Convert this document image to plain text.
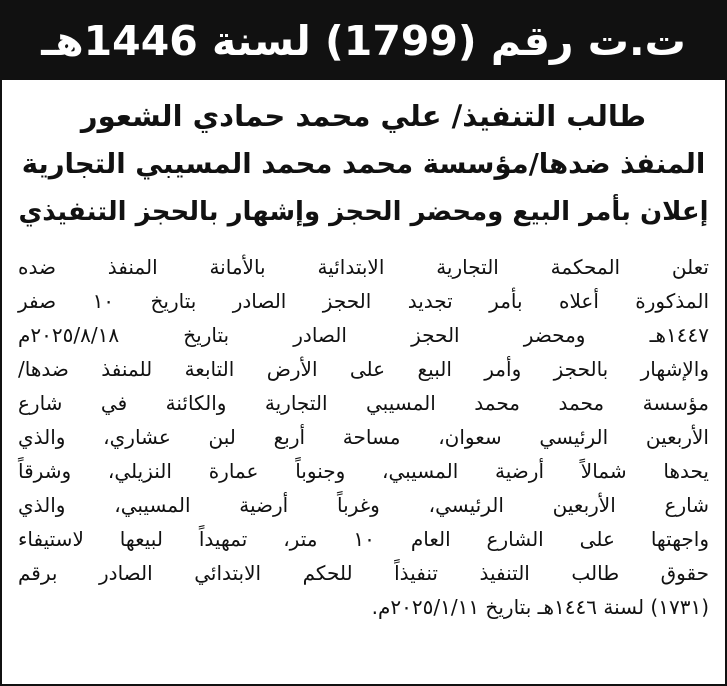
ت.ت رقم (1799) لسنة 1446هـ
طالب التنفيذ/ علي محمد حمادي الشعور
المنفذ ضدها/مؤسسة محمد محمد المسيبي التجارية
إعلان بأمر البيع ومحضر الحجز وإشهار بالحجز التنفيذي
تعلن المحكمة التجارية الابتدائية بالأمانة المنفذ ضده
المذكورة أعلاه بأمر تجديد الحجز الصادر بتاريخ ١٠ صفر
١٤٤٧هـ ومحضر الحجز الصادر بتاريخ ٢٠٢٥/٨/١٨م
والإشهار بالحجز وأمر البيع على الأرض التابعة للمنفذ ضدها/
مؤسسة محمد محمد المسيبي التجارية والكائنة في شارع
الأربعين الرئيسي سعوان، مساحة أربع لبن عشاري، والذي
يحدها شمالاً أرضية المسيبي، وجنوباً عمارة النزيلي، وشرقاً
شارع الأربعين الرئيسي، وغرباً أرضية المسيبي، والذي
واجهتها على الشارع العام ١٠ متر، تمهيداً لبيعها لاستيفاء
حقوق طالب التنفيذ تنفيذاً للحكم الابتدائي الصادر برقم
(١٧٣١) لسنة ١٤٤٦هـ بتاريخ ٢٠٢٥/١/١١م.
